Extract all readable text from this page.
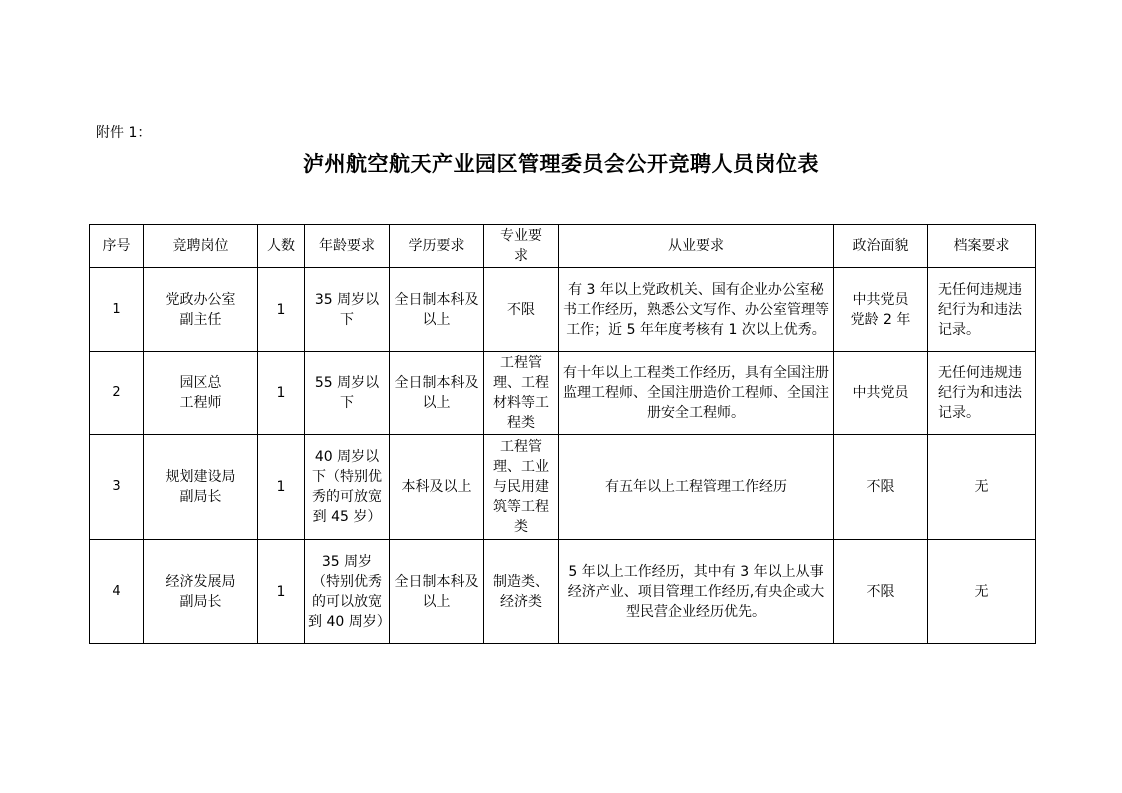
附件 1：

泸州航空航天产业园区管理委员会公开竞聘人员岗位表
序号	竞聘岗位	人数	年龄要求	学历要求	专业要求	从业要求	政治面貌	档案要求
1	党政办公室副主任	1	35 周岁以下	全日制本科及以上	不限	有 3 年以上党政机关、国有企业办公室秘书工作经历，熟悉公文写作、办公室管理等工作；近 5 年年度考核有 1 次以上优秀。	中共党员党龄 2 年	无任何违规违纪行为和违法记录。
2	园区总工程师	1	55 周岁以下	全日制本科及以上	工程管理、工程材料等工程类	有十年以上工程类工作经历，具有全国注册监理工程师、全国注册造价工程师、全国注册安全工程师。	中共党员	无任何违规违纪行为和违法记录。
3	规划建设局副局长	1	40 周岁以下（特别优秀的可放宽到 45 岁）	本科及以上	工程管理、工业与民用建筑等工程类	有五年以上工程管理工作经历	不限	无
4	经济发展局副局长	1	35 周岁（特别优秀的可以放宽到 40 周岁）	全日制本科及以上	制造类、经济类	5 年以上工作经历，其中有 3 年以上从事经济产业、项目管理工作经历,有央企或大型民营企业经历优先。	不限	无
